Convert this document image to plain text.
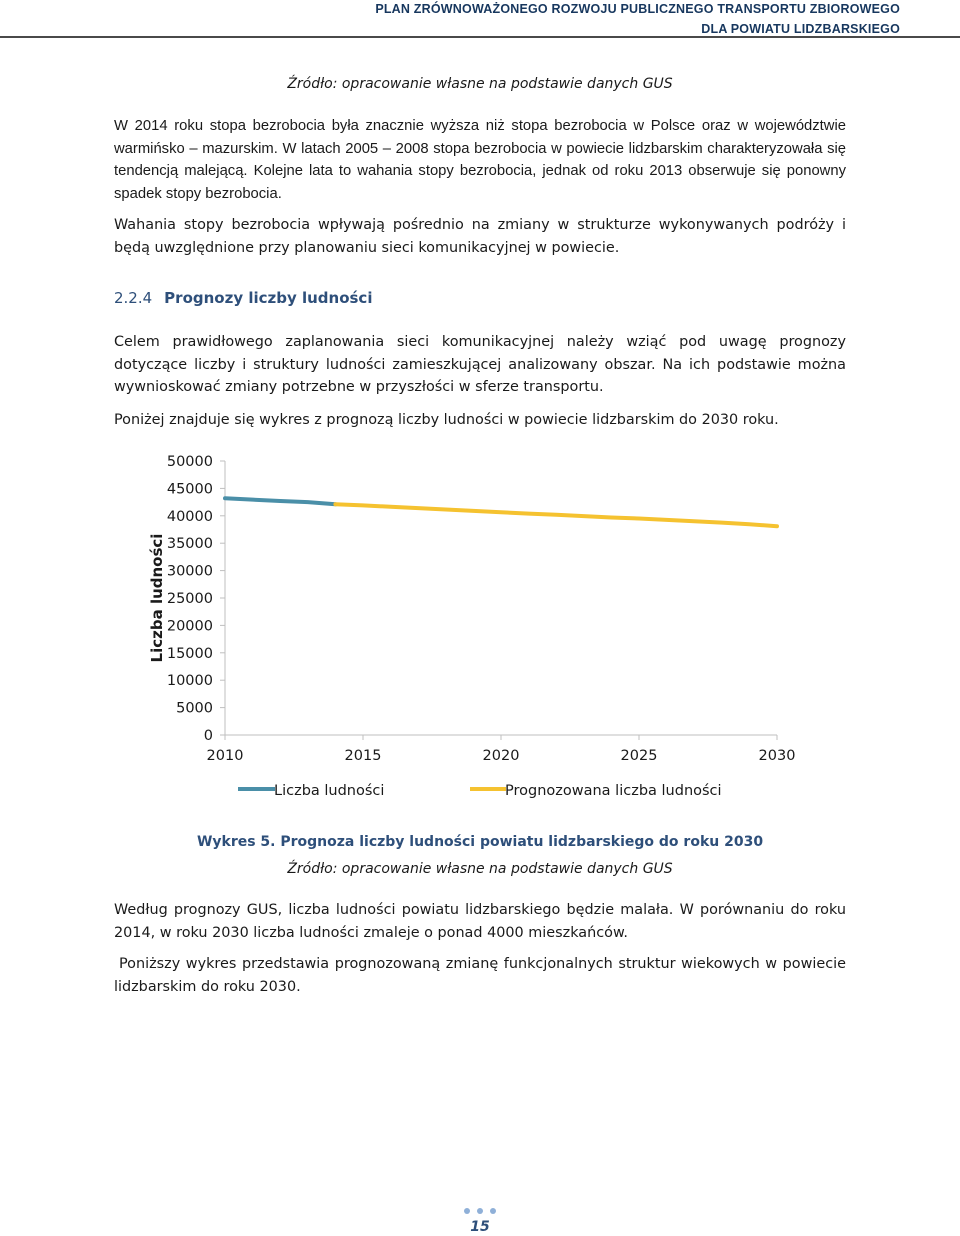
PLAN ZRÓWNOWAŻONEGO ROZWOJU PUBLICZNEGO TRANSPORTU ZBIOROWEGO
DLA POWIATU LIDZBARSKIEGO
Źródło: opracowanie własne na podstawie danych GUS

W 2014 roku stopa bezrobocia była znacznie wyższa niż stopa bezrobocia w Polsce oraz w województwie warmińsko – mazurskim. W latach 2005 – 2008 stopa bezrobocia w powiecie lidzbarskim charakteryzowała się tendencją malejącą. Kolejne lata to wahania stopy bezrobocia, jednak od roku 2013 obserwuje się ponowny spadek stopy bezrobocia.

Wahania stopy bezrobocia wpływają pośrednio na zmiany w strukturze wykonywanych podróży i będą uwzględnione przy planowaniu sieci komunikacyjnej w powiecie.

2.2.4 Prognozy liczby ludności

Celem prawidłowego zaplanowania sieci komunikacyjnej należy wziąć pod uwagę prognozy dotyczące liczby i struktury ludności zamieszkującej analizowany obszar. Na ich podstawie można wywnioskować zmiany potrzebne w przyszłości w sferze transportu.

Poniżej znajduje się wykres z prognozą liczby ludności w powiecie lidzbarskim do 2030 roku.

Liczba ludności
0
5000
10000
15000
20000
25000
30000
35000
40000
45000
50000
2010	2015	2020	2025	2030
Liczba ludności	Prognozowana liczba ludności
Wykres 5. Prognoza liczby ludności powiatu lidzbarskiego do roku 2030
Źródło: opracowanie własne na podstawie danych GUS

Według prognozy GUS, liczba ludności powiatu lidzbarskiego będzie malała. W porównaniu do roku 2014, w roku 2030 liczba ludności zmaleje o ponad 4000 mieszkańców.

Poniższy wykres przedstawia prognozowaną zmianę funkcjonalnych struktur wiekowych w powiecie lidzbarskim do roku 2030.

15
